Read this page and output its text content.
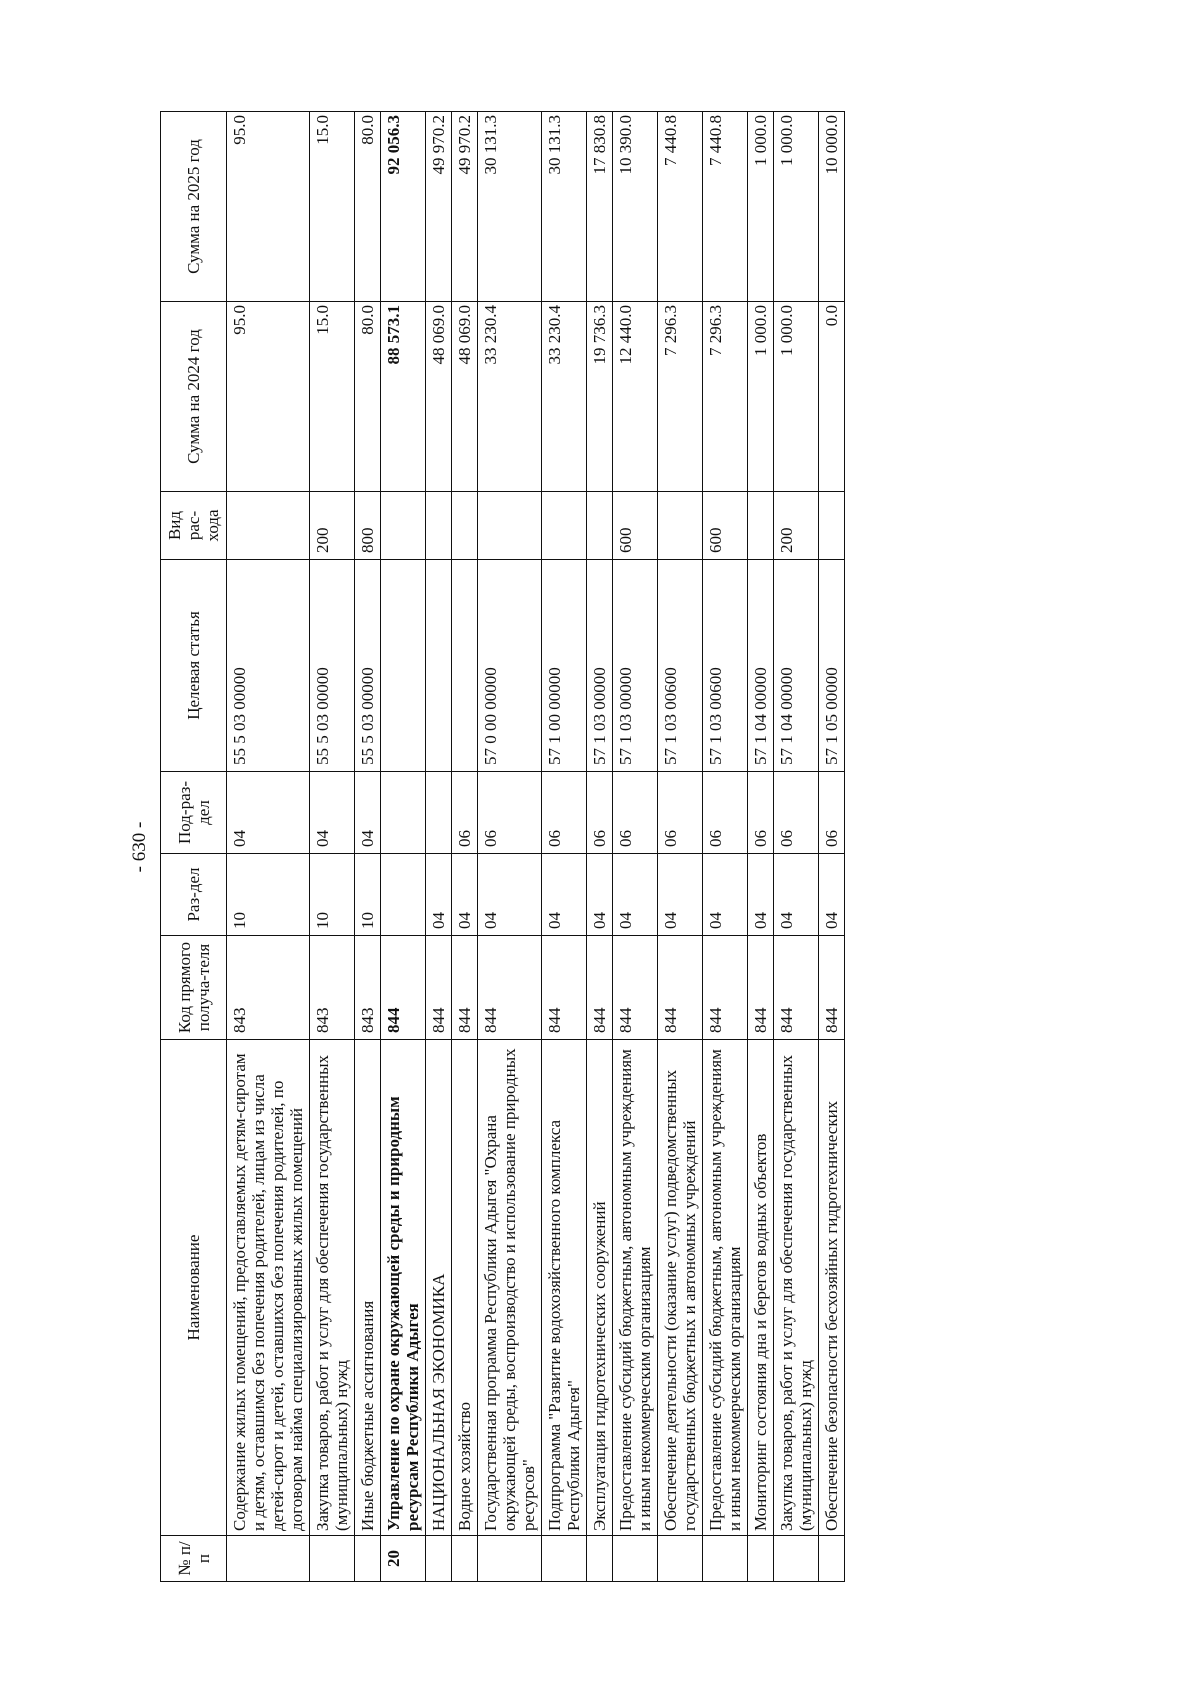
- 630 -
№ п/п	Наименование	Код прямого получа-теля	Раз-дел	Под-раз-дел	Целевая статья	Вид рас-хода	Сумма на 2024 год	Сумма на 2025 год
	Содержание жилых помещений, предоставляемых детям-сиротам и детям, оставшимся без попечения родителей, лицам из числа детей-сирот и детей, оставшихся без попечения родителей, по договорам найма специализированных жилых помещений	843	10	04	55 5 03 00000		95.0	95.0
	Закупка товаров, работ и услуг для обеспечения государственных (муниципальных) нужд	843	10	04	55 5 03 00000	200	15.0	15.0
	Иные бюджетные ассигнования	843	10	04	55 5 03 00000	800	80.0	80.0
20	Управление по охране окружающей среды и природным ресурсам Республики Адыгея	844					88 573.1	92 056.3
	НАЦИОНАЛЬНАЯ ЭКОНОМИКА	844	04				48 069.0	49 970.2
	Водное хозяйство	844	04	06			48 069.0	49 970.2
	Государственная программа Республики Адыгея "Охрана окружающей среды, воспроизводство и использование природных ресурсов"	844	04	06	57 0 00 00000		33 230.4	30 131.3
	Подпрограмма "Развитие водохозяйственного комплекса Республики Адыгея"	844	04	06	57 1 00 00000		33 230.4	30 131.3
	Эксплуатация гидротехнических сооружений	844	04	06	57 1 03 00000		19 736.3	17 830.8
	Предоставление субсидий бюджетным, автономным учреждениям и иным некоммерческим организациям	844	04	06	57 1 03 00000	600	12 440.0	10 390.0
	Обеспечение деятельности (оказание услуг) подведомственных государственных бюджетных и автономных учреждений	844	04	06	57 1 03 00600		7 296.3	7 440.8
	Предоставление субсидий бюджетным, автономным учреждениям и иным некоммерческим организациям	844	04	06	57 1 03 00600	600	7 296.3	7 440.8
	Мониторинг состояния дна и берегов водных объектов	844	04	06	57 1 04 00000		1 000.0	1 000.0
	Закупка товаров, работ и услуг для обеспечения государственных (муниципальных) нужд	844	04	06	57 1 04 00000	200	1 000.0	1 000.0
	Обеспечение безопасности бесхозяйных гидротехнических	844	04	06	57 1 05 00000		0.0	10 000.0
